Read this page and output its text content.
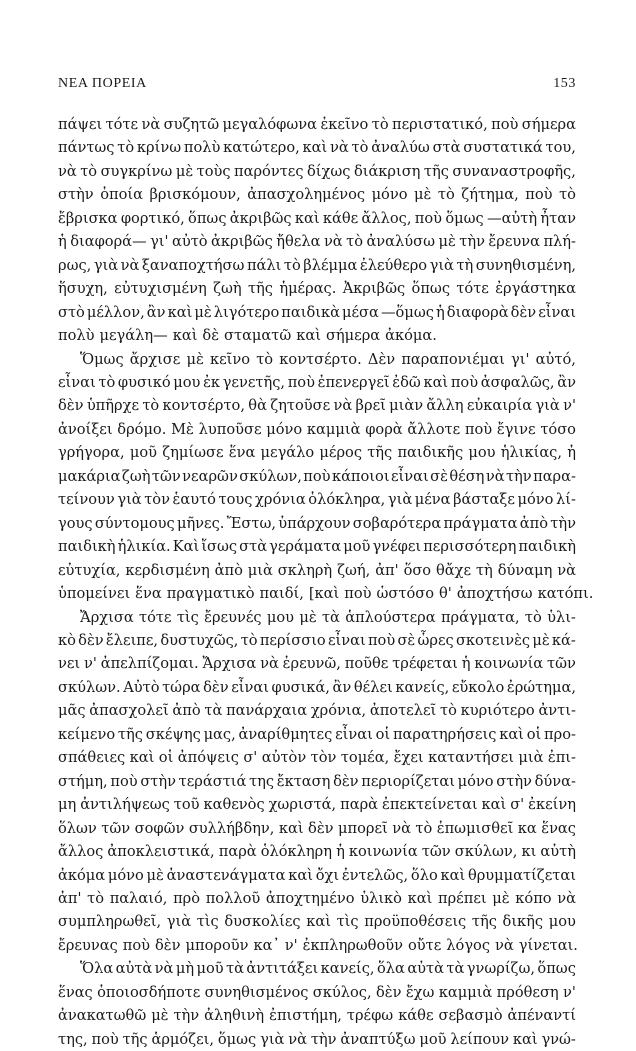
ΝΕΑ ΠΟΡΕΙΑ	153
πάψει τότε νὰ συζητῶ μεγαλόφωνα ἐκεῖνο τὸ περιστατικό, ποὺ σήμερα
πάντως τὸ κρίνω πολὺ κατώτερο, καὶ νὰ τὸ ἀναλύω στὰ συστατικά του,
νὰ τὸ συγκρίνω μὲ τοὺς παρόντες δίχως διάκριση τῆς συναναστροφῆς,
στὴν ὁποία βρισκόμουν, ἀπασχολημένος μόνο μὲ τὸ ζήτημα, ποὺ τὸ
ἔβρισκα φορτικό, ὅπως ἀκριβῶς καὶ κάθε ἄλλος, ποὺ ὅμως —αὐτὴ ἦταν
ἡ διαφορά— γι' αὐτὸ ἀκριβῶς ἤθελα νὰ τὸ ἀναλύσω μὲ τὴν ἔρευνα πλή-
ρως, γιὰ νὰ ξαναποχτήσω πάλι τὸ βλέμμα ἐλεύθερο γιὰ τὴ συνηθισμένη,
ἥσυχη, εὐτυχισμένη ζωὴ τῆς ἡμέρας. Ἀκριβῶς ὅπως τότε ἐργάστηκα
στὸ μέλλον, ἂν καὶ μὲ λιγότερο παιδικὰ μέσα —ὅμως ἡ διαφορὰ δὲν εἶναι
πολὺ μεγάλη— καὶ δὲ σταματῶ καὶ σήμερα ἀκόμα.
Ὅμως ἄρχισε μὲ κεῖνο τὸ κοντσέρτο. Δὲν παραπονιέμαι γι' αὐτό,
εἶναι τὸ φυσικό μου ἐκ γενετῆς, ποὺ ἐπενεργεῖ ἐδῶ καὶ ποὺ ἀσφαλῶς, ἂν
δὲν ὑπῆρχε τὸ κοντσέρτο, θὰ ζητοῦσε νὰ βρεῖ μιὰν ἄλλη εὐκαιρία γιὰ ν'
ἀνοίξει δρόμο. Μὲ λυποῦσε μόνο καμμιὰ φορὰ ἄλλοτε ποὺ ἔγινε τόσο
γρήγορα, μοῦ ζημίωσε ἕνα μεγάλο μέρος τῆς παιδικῆς μου ἡλικίας, ἡ
μακάρια ζωὴ τῶν νεαρῶν σκύλων, ποὺ κάποιοι εἶναι σὲ θέση νὰ τὴν παρα-
τείνουν γιὰ τὸν ἑαυτό τους χρόνια ὁλόκληρα, γιὰ μένα βάσταξε μόνο λί-
γους σύντομους μῆνες. Ἔστω, ὑπάρχουν σοβαρότερα πράγματα ἀπὸ τὴν
παιδικὴ ἡλικία. Καὶ ἴσως στὰ γεράματα μοῦ γνέφει περισσότερη παιδικὴ
εὐτυχία, κερδισμένη ἀπὸ μιὰ σκληρὴ ζωή, ἀπ' ὅσο θἄχε τὴ δύναμη νὰ
ὑπομείνει ἕνα πραγματικὸ παιδί, [καὶ ποὺ ὡστόσο θ' ἀποχτήσω κατόπι.
Ἄρχισα τότε τὶς ἔρευνές μου μὲ τὰ ἁπλούστερα πράγματα, τὸ ὑλι-
κὸ δὲν ἔλειπε, δυστυχῶς, τὸ περίσσιο εἶναι ποὺ σὲ ὧρες σκοτεινὲς μὲ κά-
νει ν' ἀπελπίζομαι. Ἄρχισα νὰ ἐρευνῶ, ποῦθε τρέφεται ἡ κοινωνία τῶν
σκύλων. Αὐτὸ τώρα δὲν εἶναι φυσικά, ἂν θέλει κανείς, εὔκολο ἐρώτημα,
μᾶς ἀπασχολεῖ ἀπὸ τὰ πανάρχαια χρόνια, ἀποτελεῖ τὸ κυριότερο ἀντι-
κείμενο τῆς σκέψης μας, ἀναρίθμητες εἶναι οἱ παρατηρήσεις καὶ οἱ προ-
σπάθειες καὶ οἱ ἀπόψεις σ' αὐτὸν τὸν τομέα, ἔχει καταντήσει μιὰ ἐπι-
στήμη, ποὺ στὴν τεράστιά της ἔκταση δὲν περιορίζεται μόνο στὴν δύνα-
μη ἀντιλήψεως τοῦ καθενὸς χωριστά, παρὰ ἐπεκτείνεται καὶ σ' ἐκείνη
ὅλων τῶν σοφῶν συλλήβδην, καὶ δὲν μπορεῖ νὰ τὸ ἐπωμισθεῖ κα ἕνας
ἄλλος ἀποκλειστικά, παρὰ ὁλόκληρη ἡ κοινωνία τῶν σκύλων, κι αὐτὴ
ἀκόμα μόνο μὲ ἀναστενάγματα καὶ ὄχι ἐντελῶς, ὅλο καὶ θρυμματίζεται
ἀπ' τὸ παλαιό, πρὸ πολλοῦ ἀποχτημένο ὑλικὸ καὶ πρέπει μὲ κόπο νὰ
συμπληρωθεῖ, γιὰ τὶς δυσκολίες καὶ τὶς προϋποθέσεις τῆς δικῆς μου
ἔρευνας ποὺ δὲν μποροῦν κα᾽ ν' ἐκπληρωθοῦν οὔτε λόγος νὰ γίνεται.
Ὅλα αὐτὰ νὰ μὴ μοῦ τὰ ἀντιτάξει κανείς, ὅλα αὐτὰ τὰ γνωρίζω, ὅπως
ἕνας ὁποιοσδήποτε συνηθισμένος σκύλος, δὲν ἔχω καμμιὰ πρόθεση ν'
ἀνακατωθῶ μὲ τὴν ἀληθινὴ ἐπιστήμη, τρέφω κάθε σεβασμὸ ἀπέναντί
της, ποὺ τῆς ἁρμόζει, ὅμως γιὰ νὰ τὴν ἀναπτύξω μοῦ λείπουν καὶ γνώ-
